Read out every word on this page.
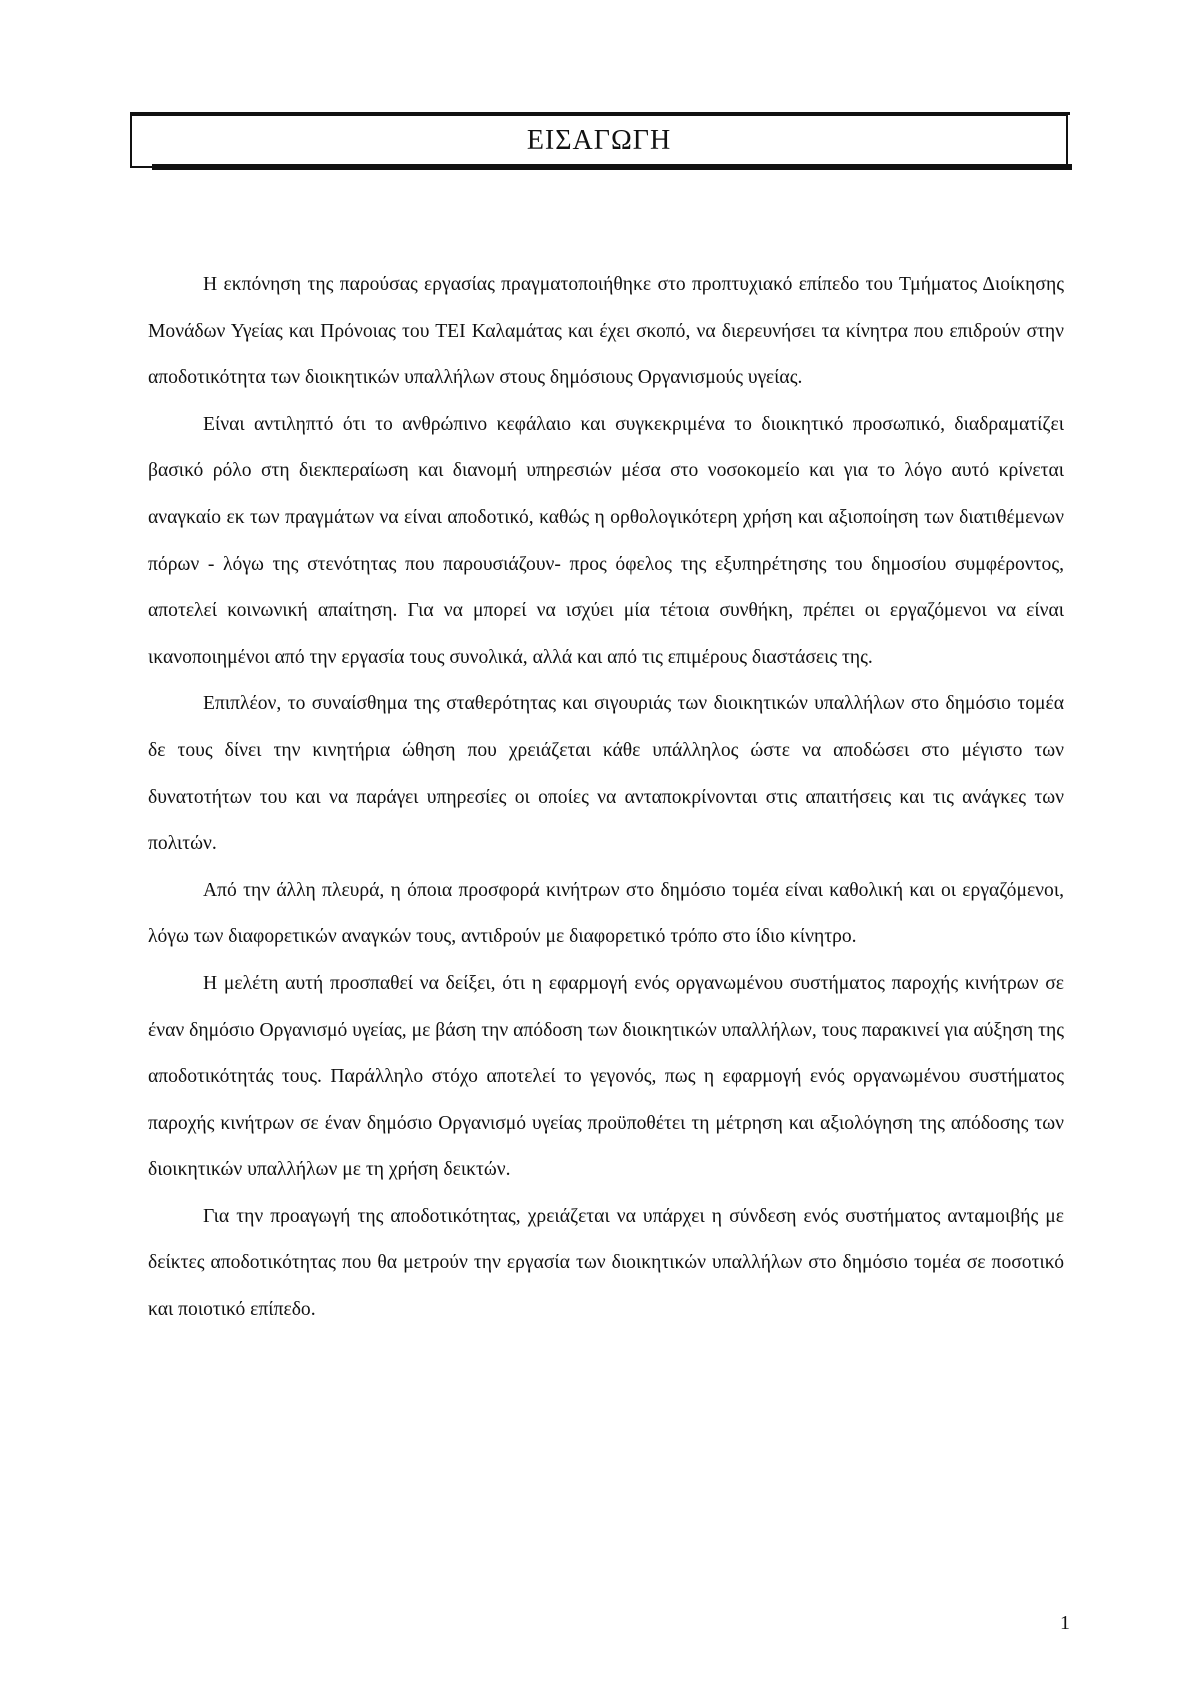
ΕΙΣΑΓΩΓΗ

Η εκπόνηση της παρούσας εργασίας πραγματοποιήθηκε στο προπτυχιακό επίπεδο του Τμήματος Διοίκησης Μονάδων Υγείας και Πρόνοιας του ΤΕΙ Καλαμάτας και έχει σκοπό, να διερευνήσει τα κίνητρα που επιδρούν στην αποδοτικότητα των διοικητικών υπαλλήλων στους δημόσιους Οργανισμούς υγείας.

Είναι αντιληπτό ότι το ανθρώπινο κεφάλαιο και συγκεκριμένα το διοικητικό προσωπικό, διαδραματίζει βασικό ρόλο στη διεκπεραίωση και διανομή υπηρεσιών μέσα στο νοσοκομείο και για το λόγο αυτό κρίνεται αναγκαίο εκ των πραγμάτων να είναι αποδοτικό, καθώς η ορθολογικότερη χρήση και αξιοποίηση των διατιθέμενων πόρων - λόγω της στενότητας που παρουσιάζουν- προς όφελος της εξυπηρέτησης του δημοσίου συμφέροντος, αποτελεί κοινωνική απαίτηση. Για να μπορεί να ισχύει μία τέτοια συνθήκη, πρέπει οι εργαζόμενοι να είναι ικανοποιημένοι από την εργασία τους συνολικά, αλλά και από τις επιμέρους διαστάσεις της.

Επιπλέον, το συναίσθημα της σταθερότητας και σιγουριάς των διοικητικών υπαλλήλων στο δημόσιο τομέα δε τους δίνει την κινητήρια ώθηση που χρειάζεται κάθε υπάλληλος ώστε να αποδώσει στο μέγιστο των δυνατοτήτων του και να παράγει υπηρεσίες οι οποίες να ανταποκρίνονται στις απαιτήσεις και τις ανάγκες των πολιτών.

Από την άλλη πλευρά, η όποια προσφορά κινήτρων στο δημόσιο τομέα είναι καθολική και οι εργαζόμενοι, λόγω των διαφορετικών αναγκών τους, αντιδρούν με διαφορετικό τρόπο στο ίδιο κίνητρο.

Η μελέτη αυτή προσπαθεί να δείξει, ότι η εφαρμογή ενός οργανωμένου συστήματος παροχής κινήτρων σε έναν δημόσιο Οργανισμό υγείας, με βάση την απόδοση των διοικητικών υπαλλήλων, τους παρακινεί για αύξηση της αποδοτικότητάς τους. Παράλληλο στόχο αποτελεί το γεγονός, πως η εφαρμογή ενός οργανωμένου συστήματος παροχής κινήτρων σε έναν δημόσιο Οργανισμό υγείας προϋποθέτει τη μέτρηση και αξιολόγηση της απόδοσης των διοικητικών υπαλλήλων με τη χρήση δεικτών.

Για την προαγωγή της αποδοτικότητας, χρειάζεται να υπάρχει η σύνδεση ενός συστήματος ανταμοιβής με δείκτες αποδοτικότητας που θα μετρούν την εργασία των διοικητικών υπαλλήλων στο δημόσιο τομέα σε ποσοτικό και ποιοτικό επίπεδο.

1
